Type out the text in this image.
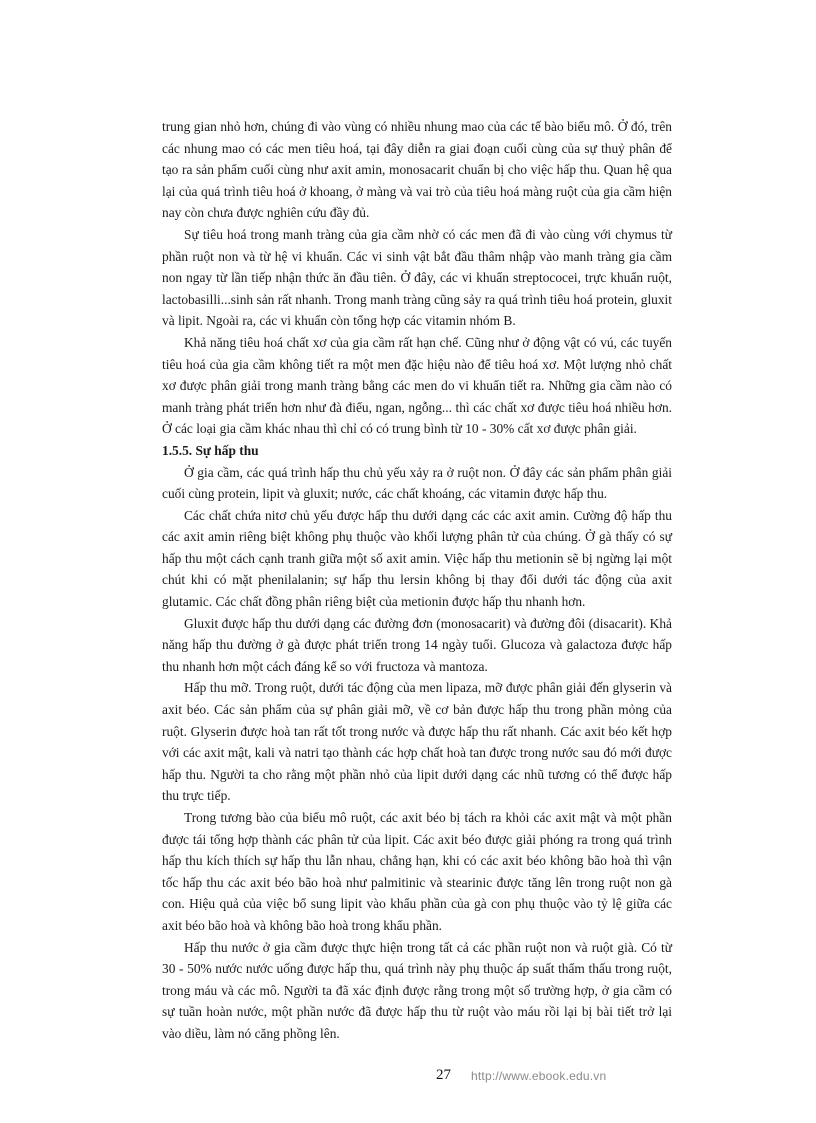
trung gian nhỏ hơn, chúng đi vào vùng có nhiều nhung mao của các tế bào biểu mô. Ở đó, trên các nhung mao có các men tiêu hoá, tại đây diễn ra giai đoạn cuối cùng của sự thuỷ phân để tạo ra sản phẩm cuối cùng như axit amin, monosacarit chuẩn bị cho việc hấp thu. Quan hệ qua lại của quá trình tiêu hoá ở khoang, ở màng và vai trò của tiêu hoá màng ruột của gia cầm hiện nay còn chưa được nghiên cứu đầy đủ.

Sự tiêu hoá trong manh tràng của gia cầm nhờ có các men đã đi vào cùng với chymus từ phần ruột non và từ hệ vi khuẩn. Các vi sinh vật bắt đầu thâm nhập vào manh tràng gia cầm non ngay từ lần tiếp nhận thức ăn đầu tiên. Ở đây, các vi khuẩn streptococei, trực khuẩn ruột, lactobasilli...sinh sản rất nhanh. Trong manh tràng cũng sảy ra quá trình tiêu hoá protein, gluxit và lipit. Ngoài ra, các vi khuẩn còn tổng hợp các vitamin nhóm B.

Khả năng tiêu hoá chất xơ của gia cầm rất hạn chế. Cũng như ở động vật có vú, các tuyến tiêu hoá của gia cầm không tiết ra một men đặc hiệu nào để tiêu hoá xơ. Một lượng nhỏ chất xơ được phân giải trong manh tràng bằng các men do vi khuẩn tiết ra. Những gia cầm nào có manh tràng phát triển hơn như đà điểu, ngan, ngỗng... thì các chất xơ được tiêu hoá nhiều hơn. Ở các loại gia cầm khác nhau thì chỉ có có trung bình từ 10 - 30% cất xơ được phân giải.

1.5.5. Sự hấp thu

Ở gia cầm, các quá trình hấp thu chủ yếu xảy ra ở ruột non. Ở đây các sản phẩm phân giải cuối cùng protein, lipit và gluxit; nước, các chất khoáng, các vitamin được hấp thu.

Các chất chứa nitơ chủ yếu được hấp thu dưới dạng các các axit amin. Cường độ hấp thu các axit amin riêng biệt không phụ thuộc vào khối lượng phân tử của chúng. Ở gà thấy có sự hấp thu một cách cạnh tranh giữa một số axit amin. Việc hấp thu metionin sẽ bị ngừng lại một chút khi có mặt phenilalanin; sự hấp thu lersin không bị thay đổi dưới tác động của axit glutamic. Các chất đồng phân riêng biệt của metionin được hấp thu nhanh hơn.

Gluxit được hấp thu dưới dạng các đường đơn (monosacarit) và đường đôi (disacarit). Khả năng hấp thu đường ở gà được phát triển trong 14 ngày tuổi. Glucoza và galactoza được hấp thu nhanh hơn một cách đáng kể so với fructoza và mantoza.

Hấp thu mỡ. Trong ruột, dưới tác động của men lipaza, mỡ được phân giải đến glyserin và axit béo. Các sản phẩm của sự phân giải mỡ, về cơ bản được hấp thu trong phần mỏng của ruột. Glyserin được hoà tan rất tốt trong nước và được hấp thu rất nhanh. Các axit béo kết hợp với các axit mật, kali và natri tạo thành các hợp chất hoà tan được trong nước sau đó mới được hấp thu. Người ta cho rằng một phần nhỏ của lipit dưới dạng các nhũ tương có thể được hấp thu trực tiếp.

Trong tương bào của biểu mô ruột, các axit béo bị tách ra khỏi các axit mật và một phần được tái tổng hợp thành các phân tử của lipit. Các axit béo được giải phóng ra trong quá trình hấp thu kích thích sự hấp thu lẫn nhau, chẳng hạn, khi có các axit béo không bão hoà thì vận tốc hấp thu các axit béo bão hoà như palmitinic và stearinic được tăng lên trong ruột non gà con. Hiệu quả của việc bổ sung lipit vào khẩu phần của gà con phụ thuộc vào tỷ lệ giữa các axit béo bão hoà và không bão hoà trong khẩu phần.

Hấp thu nước ở gia cầm được thực hiện trong tất cả các phần ruột non và ruột già. Có từ 30 - 50% nước nước uống được hấp thu, quá trình này phụ thuộc áp suất thẩm thấu trong ruột, trong máu và các mô. Người ta đã xác định được rằng trong một số trường hợp, ở gia cầm có sự tuần hoàn nước, một phần nước đã được hấp thu từ ruột vào máu rồi lại bị bài tiết trở lại vào diều, làm nó căng phồng lên.

27 http://www.ebook.edu.vn
